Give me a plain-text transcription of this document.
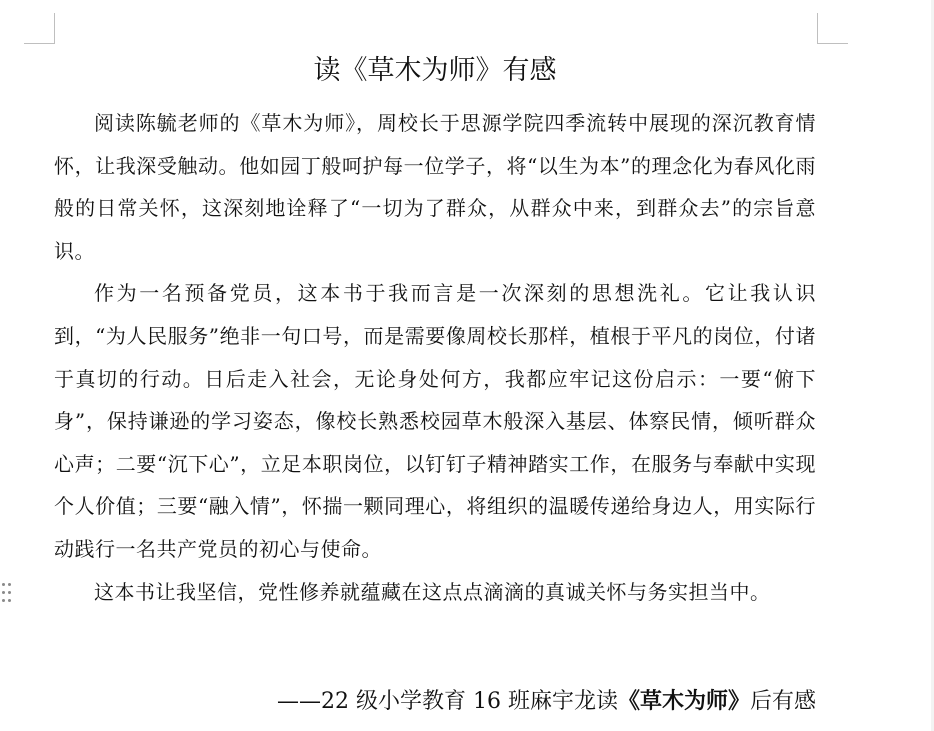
读《草木为师》有感

阅读陈毓老师的《草木为师》，周校长于思源学院四季流转中展现的深沉教育情怀，让我深受触动。他如园丁般呵护每一位学子，将“以生为本”的理念化为春风化雨般的日常关怀，这深刻地诠释了“一切为了群众，从群众中来，到群众去”的宗旨意识。

作为一名预备党员，这本书于我而言是一次深刻的思想洗礼。它让我认识到，“为人民服务”绝非一句口号，而是需要像周校长那样，植根于平凡的岗位，付诸于真切的行动。日后走入社会，无论身处何方，我都应牢记这份启示：一要“俯下身”，保持谦逊的学习姿态，像校长熟悉校园草木般深入基层、体察民情，倾听群众心声；二要“沉下心”，立足本职岗位，以钉钉子精神踏实工作，在服务与奉献中实现个人价值；三要“融入情”，怀揣一颗同理心，将组织的温暖传递给身边人，用实际行动践行一名共产党员的初心与使命。

这本书让我坚信，党性修养就蕴藏在这点点滴滴的真诚关怀与务实担当中。

——22 级小学教育 16 班麻宇龙读《草木为师》后有感
